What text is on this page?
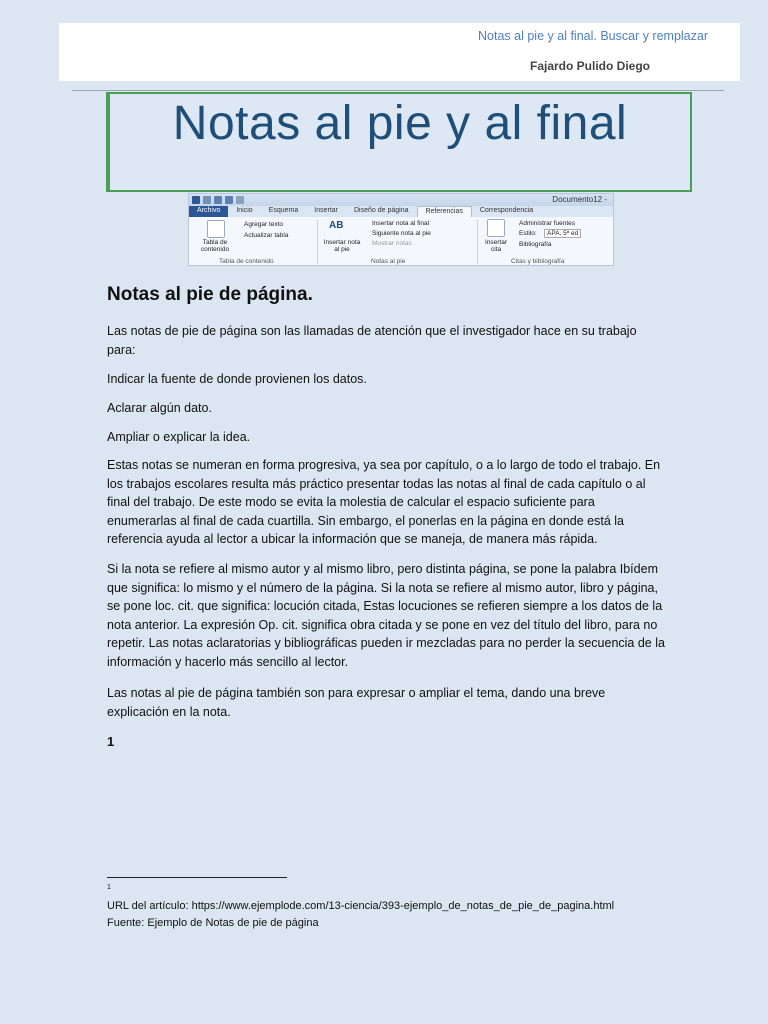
Notas al pie y al final. Buscar y remplazar
Fajardo Pulido Diego
Notas al pie y al final
Documento12 -
Archivo	Inicio	Esquema	Insertar	Diseño de página	Referencias	Correspondencia
Tabla de contenido
Agregar texto
Actualizar tabla
Tabla de contenido
AB
Insertar nota al pie
Insertar nota al final
Siguiente nota al pie
Mostrar notas
Notas al pie
Insertar cita
Administrar fuentes
Estilo:	APA, 5ª ed
Bibliografía
Citas y bibliografía
Notas al pie de página.

Las notas de pie de página son las llamadas de atención que el investigador hace en su trabajo para:

Indicar la fuente de donde provienen los datos.

Aclarar algún dato.

Ampliar o explicar la idea.

Estas notas se numeran en forma progresiva, ya sea por capítulo, o a lo largo de todo el trabajo. En los trabajos escolares resulta más práctico presentar todas las notas al final de cada capítulo o al final del trabajo. De este modo se evita la molestia de calcular el espacio suficiente para enumerarlas al final de cada cuartilla. Sin embargo, el ponerlas en la página en donde está la referencia ayuda al lector a ubicar la información que se maneja, de manera más rápida.

Si la nota se refiere al mismo autor y al mismo libro, pero distinta página, se pone la palabra Ibídem que significa: lo mismo y el número de la página. Si la nota se refiere al mismo autor, libro y página, se pone loc. cit. que significa: locución citada, Estas locuciones se refieren siempre a los datos de la nota anterior. La expresión Op. cit. significa obra citada y se pone en vez del título del libro, para no repetir. Las notas aclaratorias y bibliográficas pueden ir mezcladas para no perder la secuencia de la información y hacerlo más sencillo al lector.

Las notas al pie de página también son para expresar o ampliar el tema, dando una breve explicación en la nota.

1
1
URL del artículo: https://www.ejemplode.com/13-ciencia/393-ejemplo_de_notas_de_pie_de_pagina.html
Fuente: Ejemplo de Notas de pie de página
